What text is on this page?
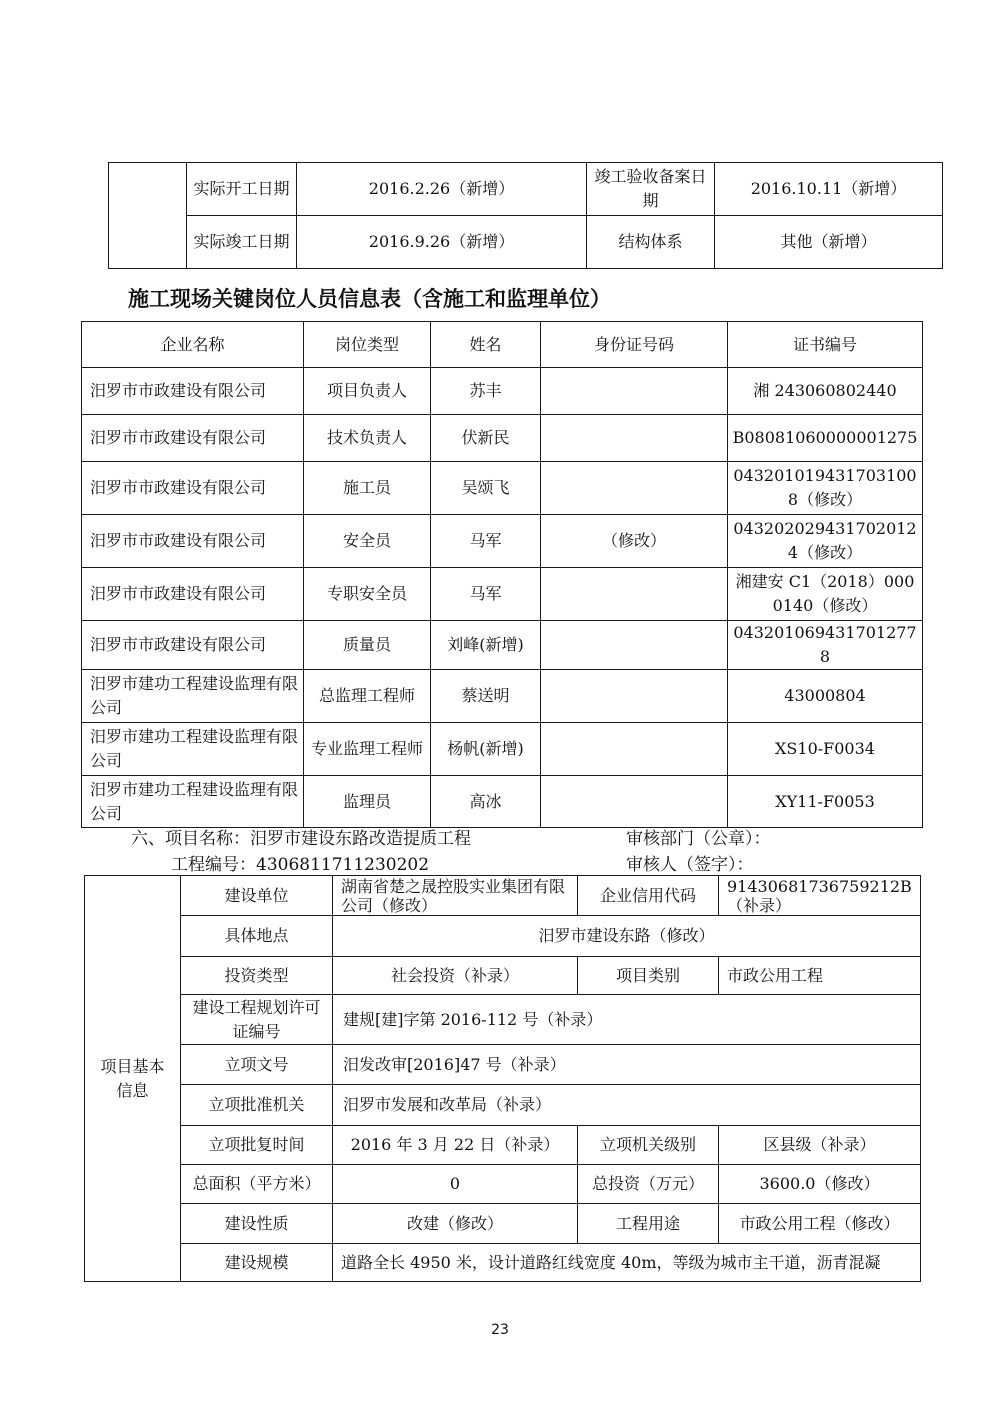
	实际开工日期	2016.2.26（新增）	竣工验收备案日期	2016.10.11（新增）
	实际竣工日期	2016.9.26（新增）	结构体系	其他（新增）
施工现场关键岗位人员信息表（含施工和监理单位）
企业名称	岗位类型	姓名	身份证号码	证书编号
汨罗市市政建设有限公司	项目负责人	苏丰		湘 243060802440
汨罗市市政建设有限公司	技术负责人	伏新民		B08081060000001275
汨罗市市政建设有限公司	施工员	吴颂飞		0432010194317031008（修改）
汨罗市市政建设有限公司	安全员	马军	（修改）	0432020294317020124（修改）
汨罗市市政建设有限公司	专职安全员	马军		湘建安 C1（2018）0000140（修改）
汨罗市市政建设有限公司	质量员	刘峰(新增)		0432010694317012778
汨罗市建功工程建设监理有限公司	总监理工程师	蔡送明		43000804
汨罗市建功工程建设监理有限公司	专业监理工程师	杨帆(新增)		XS10-F0034
汨罗市建功工程建设监理有限公司	监理员	高冰		XY11-F0053
六、项目名称：汨罗市建设东路改造提质工程	审核部门（公章）：
工程编号：4306811711230202	审核人（签字）：
项目基本信息	建设单位	湖南省楚之晟控股实业集团有限公司（修改）	企业信用代码	91430681736759212B（补录）
	具体地点	汨罗市建设东路（修改）		
	投资类型	社会投资（补录）	项目类别	市政公用工程
	建设工程规划许可证编号	建规[建]字第 2016-112 号（补录）		
	立项文号	汨发改审[2016]47 号（补录）		
	立项批准机关	汨罗市发展和改革局（补录）		
	立项批复时间	2016 年 3 月 22 日（补录）	立项机关级别	区县级（补录）
	总面积（平方米）	0	总投资（万元）	3600.0（修改）
	建设性质	改建（修改）	工程用途	市政公用工程（修改）
	建设规模	道路全长 4950 米，设计道路红线宽度 40m，等级为城市主干道，沥青混凝		
23
